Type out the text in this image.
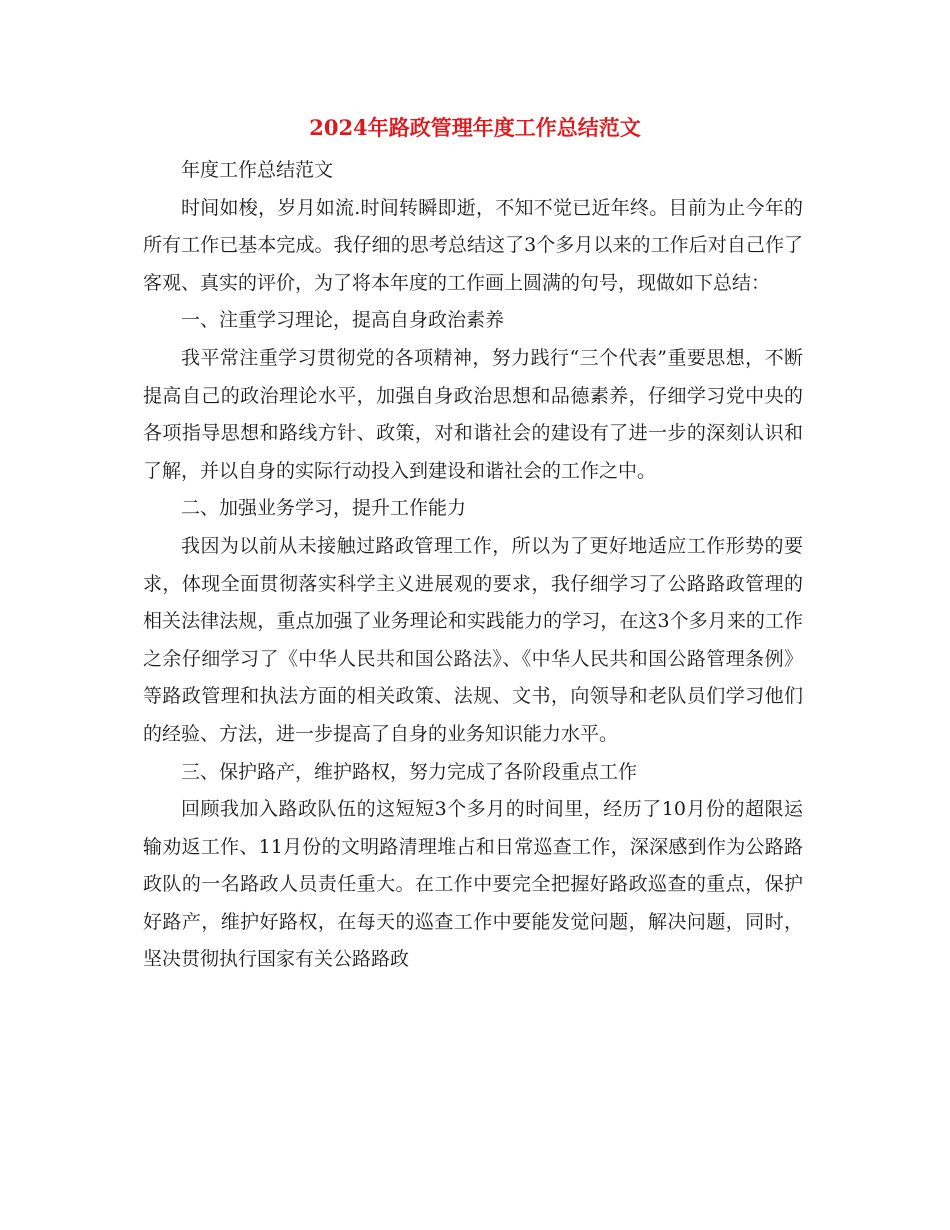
2024年路政管理年度工作总结范文

年度工作总结范文

时间如梭，岁月如流.时间转瞬即逝，不知不觉已近年终。目前为止今年的所有工作已基本完成。我仔细的思考总结这了3个多月以来的工作后对自己作了客观、真实的评价，为了将本年度的工作画上圆满的句号，现做如下总结：

一、注重学习理论，提高自身政治素养

我平常注重学习贯彻党的各项精神，努力践行“三个代表”重要思想，不断提高自己的政治理论水平，加强自身政治思想和品德素养，仔细学习党中央的各项指导思想和路线方针、政策，对和谐社会的建设有了进一步的深刻认识和了解，并以自身的实际行动投入到建设和谐社会的工作之中。

二、加强业务学习，提升工作能力

我因为以前从未接触过路政管理工作，所以为了更好地适应工作形势的要求，体现全面贯彻落实科学主义进展观的要求，我仔细学习了公路路政管理的相关法律法规，重点加强了业务理论和实践能力的学习，在这3个多月来的工作之余仔细学习了《中华人民共和国公路法》、《中华人民共和国公路管理条例》等路政管理和执法方面的相关政策、法规、文书，向领导和老队员们学习他们的经验、方法，进一步提高了自身的业务知识能力水平。

三、保护路产，维护路权，努力完成了各阶段重点工作

回顾我加入路政队伍的这短短3个多月的时间里，经历了10月份的超限运输劝返工作、11月份的文明路清理堆占和日常巡查工作，深深感到作为公路路政队的一名路政人员责任重大。在工作中要完全把握好路政巡查的重点，保护好路产，维护好路权，在每天的巡查工作中要能发觉问题，解决问题，同时，坚决贯彻执行国家有关公路路政
